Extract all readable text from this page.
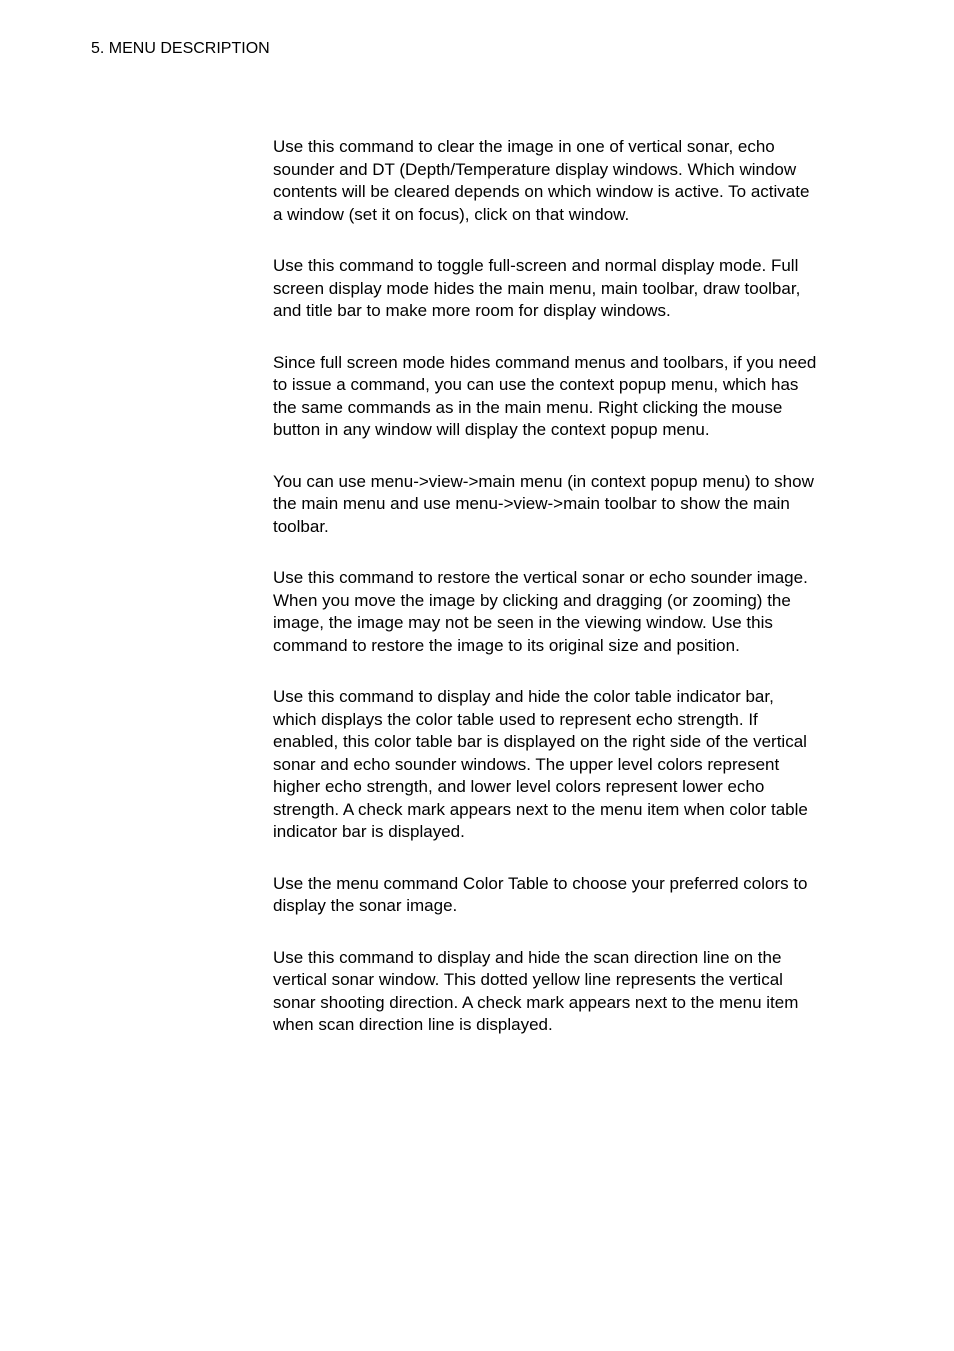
5. MENU DESCRIPTION

Use this command to clear the image in one of vertical sonar, echo
sounder and DT (Depth/Temperature display windows. Which window
contents will be cleared depends on which window is active. To activate
a window (set it on focus), click on that window.

Use this command to toggle full-screen and normal display mode. Full
screen display mode hides the main menu, main toolbar, draw toolbar,
and title bar to make more room for display windows.

Since full screen mode hides command menus and toolbars, if you need
to issue a command, you can use the context popup menu, which has
the same commands as in the main menu. Right clicking the mouse
button in any window will display the context popup menu.

You can use menu->view->main menu (in context popup menu) to show
the main menu and use menu->view->main toolbar to show the main
toolbar.

Use this command to restore the vertical sonar or echo sounder image.
When you move the image by clicking and dragging (or zooming) the
image, the image may not be seen in the viewing window. Use this
command to restore the image to its original size and position.

Use this command to display and hide the color table indicator bar,
which displays the color table used to represent echo strength. If
enabled, this color table bar is displayed on the right side of the vertical
sonar and echo sounder windows. The upper level colors represent
higher echo strength, and lower level colors represent lower echo
strength. A check mark appears next to the menu item when color table
indicator bar is displayed.

Use the menu command Color Table to choose your preferred colors to
display the sonar image.

Use this command to display and hide the scan direction line on the
vertical sonar window. This dotted yellow line represents the vertical
sonar shooting direction. A check mark appears next to the menu item
when scan direction line is displayed.
